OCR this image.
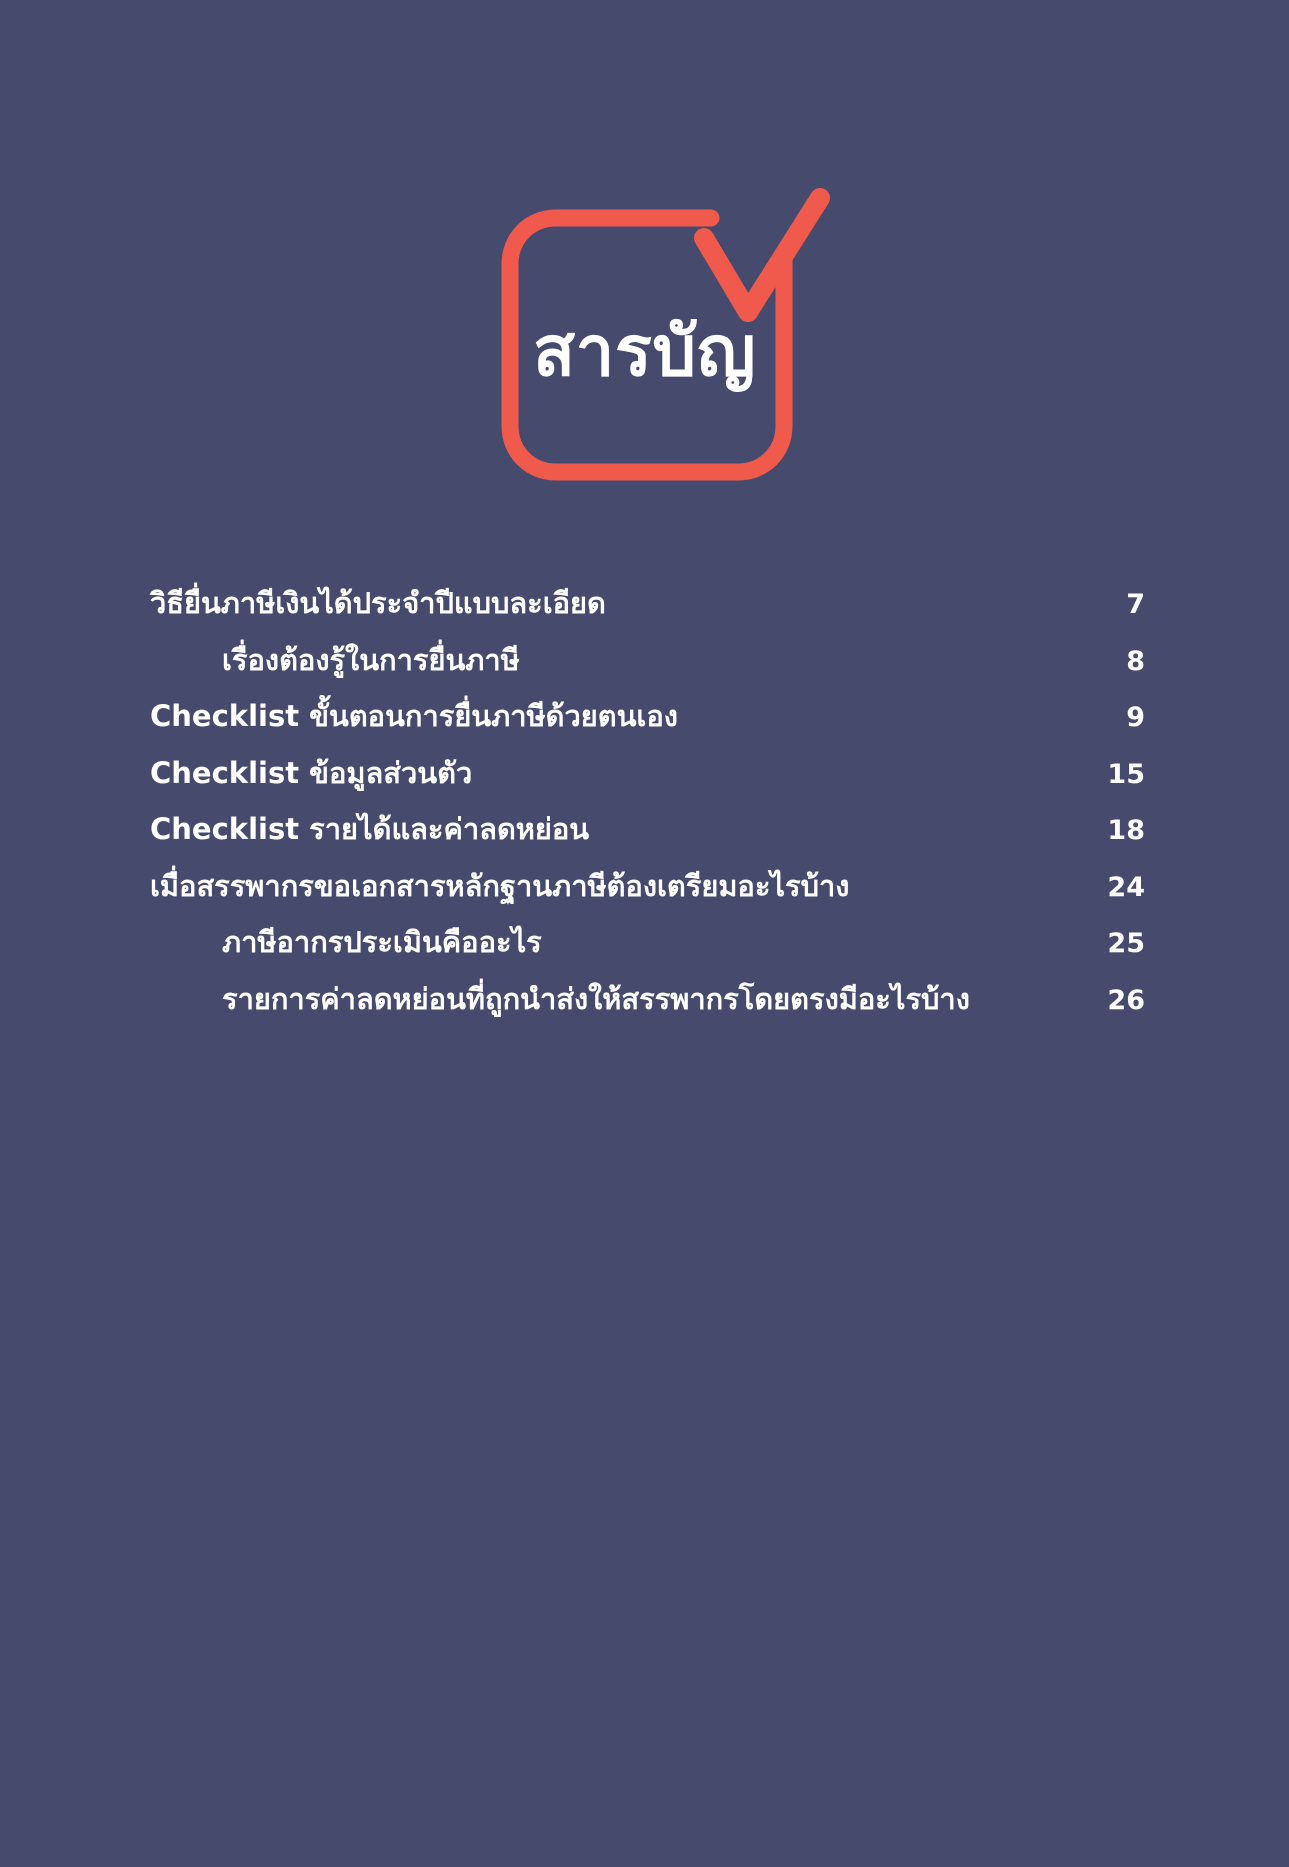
สารบัญ
วิธียื่นภาษีเงินได้ประจำปีแบบละเอียด	7
เรื่องต้องรู้ในการยื่นภาษี	8
Checklist ขั้นตอนการยื่นภาษีด้วยตนเอง	9
Checklist ข้อมูลส่วนตัว	15
Checklist รายได้และค่าลดหย่อน	18
เมื่อสรรพากรขอเอกสารหลักฐานภาษีต้องเตรียมอะไรบ้าง	24
ภาษีอากรประเมินคืออะไร	25
รายการค่าลดหย่อนที่ถูกนำส่งให้สรรพากรโดยตรงมีอะไรบ้าง	26
